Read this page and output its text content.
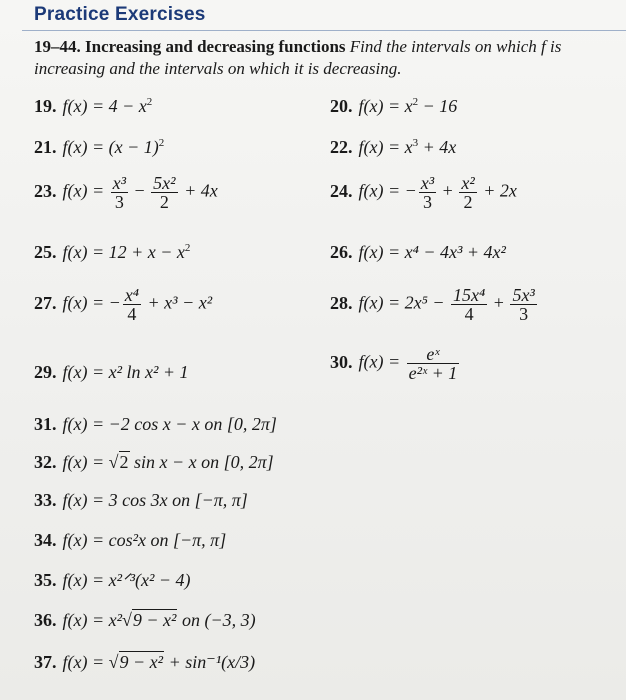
Practice Exercises
19–44. Increasing and decreasing functions Find the intervals on which f is increasing and the intervals on which it is decreasing.
19. $f(x) = 4 - x^2$	20. $f(x) = x^2 - 16$
21. $f(x) = (x - 1)^2$	22. $f(x) = x^3 + 4x$
23. $f(x) = \frac{\text{x³}}{3} - \frac{\text{5x²}}{2} + 4x$	24. f(x) = − $\frac{\text{x³}}{3} + \frac{\text{x²}}{2} + 2x$
25. $f(x) = 12 + x - x^2$	26. f(x) = x⁴ − 4x³ + 4x²
27. f(x) = − $\frac{\text{x⁴}}{4} + x^3 - x^2$	28. $f(x) = 2x^5 - \frac{\text{15x⁴}}{4} + \frac{\text{5x³}}{3}$
29. f(x) = x² ln x² + 1
30. $f(x) = \frac{\text{eˣ}}{\text{e²ˣ + 1}}$
31. f(x) = −2 cos x − x on [0, 2π]
32. f(x) = √2 sin x − x on [0, 2π]
33. f(x) = 3 cos 3x on [−π, π]
34. f(x) = cos²x on [−π, π]
35. f(x) = x²ᐟ³(x² − 4)
36. f(x) = x²√9 − x² on (−3, 3)
37. f(x) = √9 − x² + sin⁻¹(x/3)
